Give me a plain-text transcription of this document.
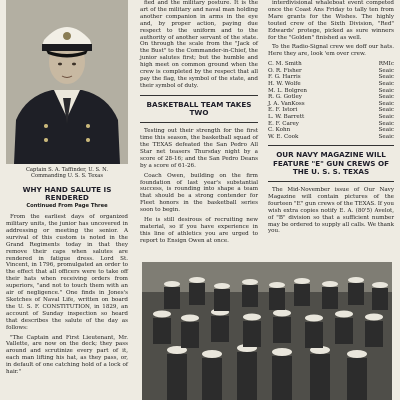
Captain S. A. Taffinder, U. S. N.
Commanding U. S. S. Texas
WHY HAND SALUTE IS RENDERED
Continued From Page Three

From the earliest days of organized military units, the junior has uncovered in addressing or meeting the senior. A survival of this custom is noted in the Grand Regiments today in that they remove their caps when salutes are rendered in fatigue dress. Lord St. Vincent, in 1796, promulgated an order to the effect that all officers were to take off their hats when receiving orders from superiors, "and not to touch them with an air of negligence." One finds in Jones's Sketches of Naval Life, written on board the U. S. F. CONSTITUTION, in 1829, an account of Sunday inspection so heard that describes the salute of the day as follows:

"The Captain and First Lieutenant, Mr. Vallette, are now on the deck; they pass around and scrutinize every part of it, each man lifting his hat, as they pass, or, in default of one catching hold of a lock of hair."

fied and the military posture. It is the art of the military and naval man holding another companion in arms in the eye and, by proper action, paying due respect to the uniform and to the authority of another servant of the state. On through the scale from the "Jack of the Bust" to the Commander-in-Chief, the junior salutes first; but the humble and high meet on common ground when the crew is completed by the respect that all pay the flag, the symbol of the state, and their symbol of duty.

BASKETBALL TEAM TAKES TWO

Testing out their strength for the first time this season, the basketball squad of the TEXAS defeated the San Pedro All Star net teasers Thursday night by a score of 28-16; and the San Pedro Deans by a score of 61-26.

Coach Owen, building on the firm foundation of last year's substantial success, is rounding into shape a team that should be a strong contender for Fleet honors in the basketball series soon to begin.

He is still desirous of recruiting new material, so if you have experience in this line of athletics you are urged to report to Ensign Owen at once.

interdivisional whaleboat event competed once the Coast Ans Friday to tally ten from Mare grants for the Wishes. The highly touted crew of the Sixth Division, "Red" Edwards' protege, picked as sure winners for the "Golden" finished as well.

To the Radio-Signal crew we doff our hats. Here they are, look 'em over crew.

C. M. Smith	RMIc
O. R. Fisher	Seaic
F. G. Harris	Seaic
H. W. Wolfe	Seaic
M. L. Bolgren	Seaic
R. G. Gotley	Seaic
J. A. VanKoss	Seaic
E. F. Istori	Seaic
L. W. Barrett	Seaic
E. F. Carey	Seaic
C. Kohn	Seaic
W. E. Cook	Seaic
OUR NAVY MAGAZINE WILL FEATURE "E" GUN CREWS OF THE U. S. S. TEXAS

The Mid-November issue of Our Navy Magazine will contain pictures of the fourteen "E" gun crews of the TEXAS. If you wish extra copies notify E. A. (80'5) Avelot, of "B" division so that a sufficient number may be ordered to supply all calls. We thank you.
